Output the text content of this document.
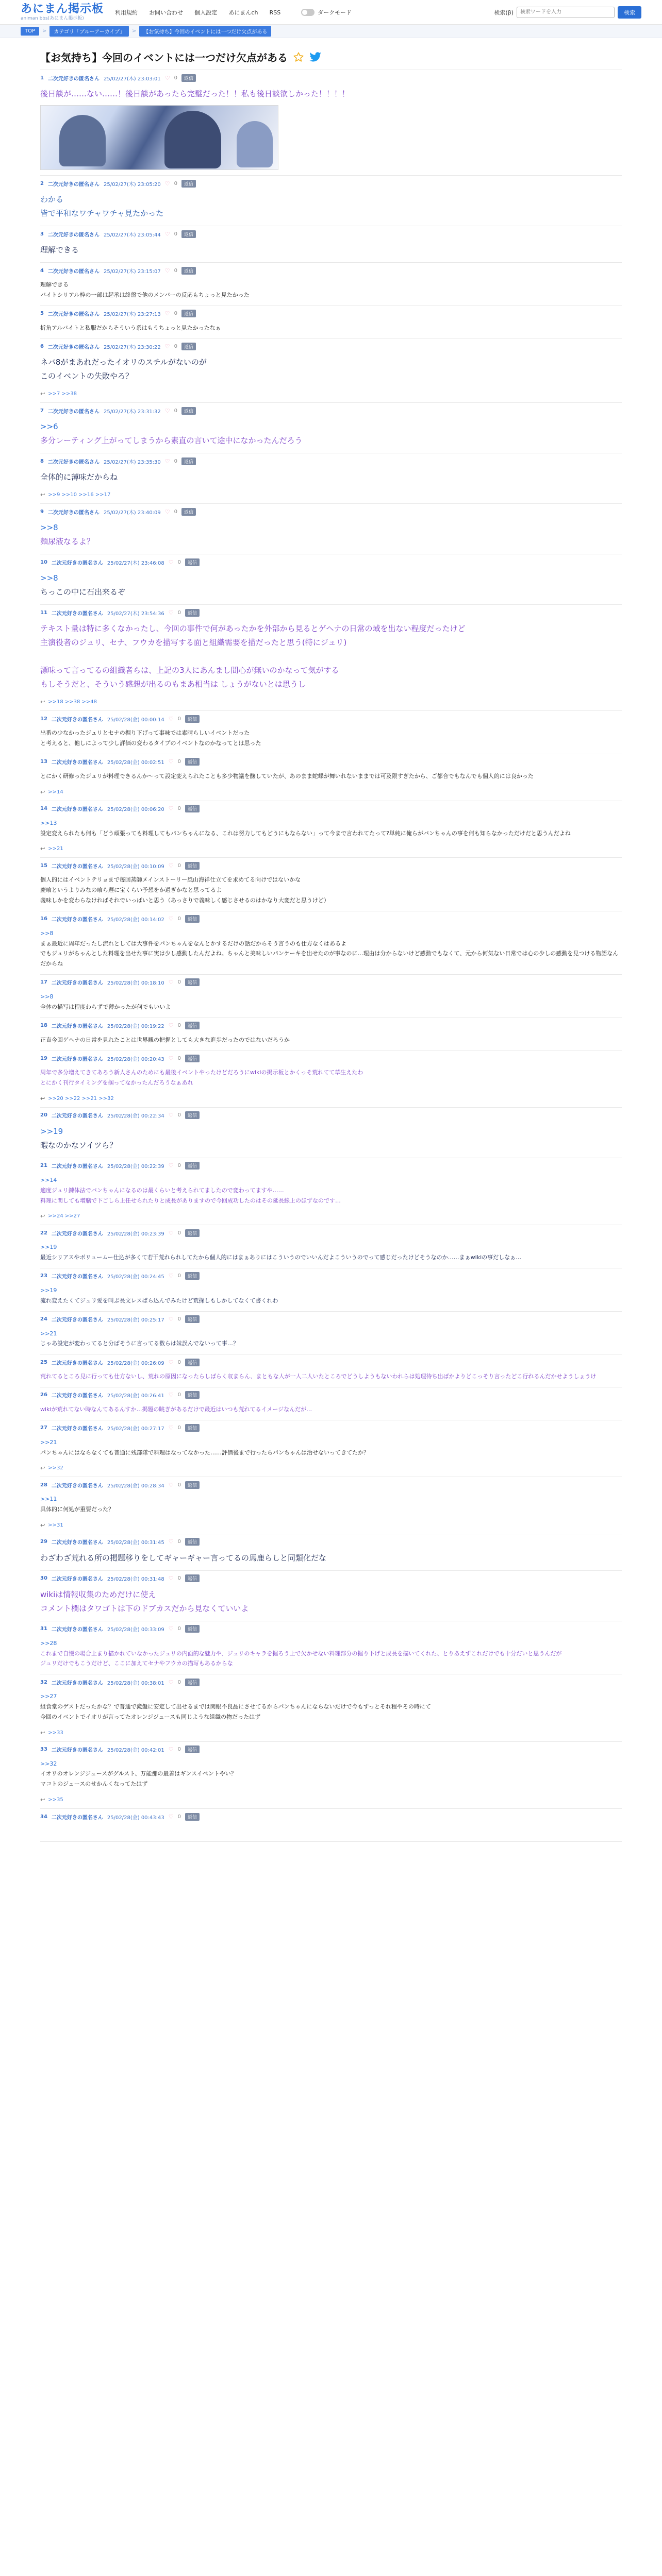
あにまん掲示板
animan bbs(あにまん掲示板)
利用規約 お問い合わせ 個人設定 あにまんch RSS	ダークモード	検索(β)
検索ワードを入力	検索
TOP	>	カテゴリ「ブルーアーカイブ」	>	【お気持ち】今回のイベントには一つだけ欠点がある
【お気持ち】今回のイベントには一つだけ欠点がある
1 二次元好きの匿名さん 25/02/27(木) 23:03:01 ♡ 0	返信
後日談が……ない……！後日談があったら完璧だった！！私も後日談欲しかった！！！！
2 二次元好きの匿名さん 25/02/27(木) 23:05:20 ♡ 0	返信
わかる
皆で平和なワチャワチャ見たかった
3 二次元好きの匿名さん 25/02/27(木) 23:05:44 ♡ 0	返信
理解できる
4 二次元好きの匿名さん 25/02/27(木) 23:15:07 ♡ 0	返信
理解できる
バイトシリアル枠の一部は起承は終盤で他のメンバーの反応もちょっと見たかった
5 二次元好きの匿名さん 25/02/27(木) 23:27:13 ♡ 0	返信
折角アルバイトと私服だからそういう系はもうちょっと見たかったなぁ
6 二次元好きの匿名さん 25/02/27(木) 23:30:22 ♡ 0	返信
ネバ8がまあれだったイオリのスチルがないのが
このイベントの失敗やろ？
↩ >>7 >>38
7 二次元好きの匿名さん 25/02/27(木) 23:31:32 ♡ 0	返信
>>6
多分レーティング上がってしまうから素直の言いて途中になかったんだろう
8 二次元好きの匿名さん 25/02/27(木) 23:35:30 ♡ 0	返信
全体的に薄味だからね
↩ >>9 >>10 >>16 >>17
9 二次元好きの匿名さん 25/02/27(木) 23:40:09 ♡ 0	返信
>>8
麺尿液なるよ？
10 二次元好きの匿名さん 25/02/27(木) 23:46:08 ♡ 0	返信
>>8
ちっこの中に石出来るぞ
11 二次元好きの匿名さん 25/02/27(木) 23:54:36 ♡ 0	返信
テキスト量は特に多くなかったし、今回の事件で何があったかを外部から見るとゲヘナの日常の域を出ない程度だったけど
主演役者のジュリ、セナ、フウカを描写する面と組織需要を描だったと思う(特にジュリ)

漂味って言ってるの組織者らは、上記の3人にあんまし間心が無いのかなって気がする
もしそうだと、そういう感想が出るのもまあ相当は しょうがないとは思うし
↩ >>18 >>38 >>48
12 二次元好きの匿名さん 25/02/28(金) 00:00:14 ♡ 0	返信
出番の少なかったジュリとセナの掘り下げって事味では素晴らしいイベントだった
と考えると、他しによって少し評価の変わるタイプのイベントなのかなってとは思った
13 二次元好きの匿名さん 25/02/28(金) 00:02:51 ♡ 0	返信
とにかく研修ったジュリが料理できるんか～って設定変えられたことも多少物議を醸していたが、あのまま蛇蝶が舞いれないままでは可及限すぎたから、ご都合でもなんでも個人的には良かった
↩ >>14
14 二次元好きの匿名さん 25/02/28(金) 00:06:20 ♡ 0	返信
>>13
設定変えられたも何も「どう頑張っても料理してもパンちゃんになる、これは努力してもどうにもならない」って今まで言われてたって?単純に俺らがパンちゃんの事を何も知らなかっただけだと思うんだよね
↩ >>21
15 二次元好きの匿名さん 25/02/28(金) 00:10:09 ♡ 0	返信
個人的にはイベントテリョまで毎回蒸師メインストーリー風山海祥仕立てを求めてる向けではないかな
慶喰というよりみなの喰ら遅に宝くらい予想をか過ぎかなと思ってるよ
義味しかを変わらなければそれでいっぱいと思う（あっさりで義味しく感じさせるのはかなり大変だと思うけど）
16 二次元好きの匿名さん 25/02/28(金) 00:14:02 ♡ 0	返信
>>8
まぁ最近に周年だったし流れとしては大事件をパンちゃんをなんとかするだけの話だからそう言うのも仕方なくはあるよ
でもジュリがちゃんとした料理を出せた事に実は少し感動したんだよね。ちゃんと美味しいパンケーキを出せたのが事なのに…理由は分からないけど感動でもなくて、元から何気ない日常では心の少しの感動を見つける物語なんだからね
17 二次元好きの匿名さん 25/02/28(金) 00:18:10 ♡ 0	返信
>>8
全体の描写は程度わらずで薄かったが何でもいいよ
18 二次元好きの匿名さん 25/02/28(金) 00:19:22 ♡ 0	返信
正直今回ゲヘナの日常を見れたことは世界観の把握としても大きな進歩だったのではないだろうか
19 二次元好きの匿名さん 25/02/28(金) 00:20:43 ♡ 0	返信
周年で多分増えてきてあろう新人さんのためにも最後イベントやったけどだろうにwikiの掲示板とかくっそ荒れてて草生えたわ
とにかく刊行タイミングを掴ってなかったんだろうなぁあれ
↩ >>20 >>22 >>21 >>32
20 二次元好きの匿名さん 25/02/28(金) 00:22:34 ♡ 0	返信
>>19
暇なのかなソイツら？
21 二次元好きの匿名さん 25/02/28(金) 00:22:39 ♡ 0	返信
>>14
適度ジュリ錬体法でパンちゃんになるのは最くらいと考えられてましたので変わってますや……
料理に関しても増膳で下ごしら上任せられたりと成長がありますので今回成功したのはその延長線上のほずなのです…
↩ >>24 >>27
22 二次元好きの匿名さん 25/02/28(金) 00:23:39 ♡ 0	返信
>>19
最近シリアスやボリュームー仕込が多くて若干荒れられしてたから個人的にはまぁありにはこういうのでいいんだよこういうのでって感じだったけどそうなのか……まぁwikiの事だしなぁ…
23 二次元好きの匿名さん 25/02/28(金) 00:24:45 ♡ 0	返信
>>19
流れ変えたくてジュリ愛を叫ぶ長文レスばら込んでみたけど荒探しもしかしてなくて書くれわ
24 二次元好きの匿名さん 25/02/28(金) 00:25:17 ♡ 0	返信
>>21
じゃあ設定が変わってると分ばそうに言ってる数らは妹誤んでないって事…？
25 二次元好きの匿名さん 25/02/28(金) 00:26:09 ♡ 0	返信
荒れてるところ見に行っても仕方ないし、荒れの原因になったらしばらく収まらん、まともな人が一人二人いたところでどうしようもないわれらは処理待ち出ばかよりどこっそり言ったどこ行れるんだかせようしょうけ
26 二次元好きの匿名さん 25/02/28(金) 00:26:41 ♡ 0	返信
wikiが荒れてない時なんてあるんすか…掲題の眺ぎがあるだけで最近はいつも荒れてるイメージなんだが…
27 二次元好きの匿名さん 25/02/28(金) 00:27:17 ♡ 0	返信
>>21
パンちゃんにはならなくても普通に残部隊で料理はなってなかった……評価後まで行ったらパンちゃんは治せないってきてたか？
↩ >>32
28 二次元好きの匿名さん 25/02/28(金) 00:28:34 ♡ 0	返信
>>11
具体的に何処が重要だった？
↩ >>31
29 二次元好きの匿名さん 25/02/28(金) 00:31:45 ♡ 0	返信
わざわざ荒れる所の掲題移りをしてギャーギャー言ってるの馬鹿らしと同類化だな
30 二次元好きの匿名さん 25/02/28(金) 00:31:48 ♡ 0	返信
wikiは情報収集のためだけに使え
コメント欄はタワゴトは下のドブカスだから見なくていいよ
31 二次元好きの匿名さん 25/02/28(金) 00:33:09 ♡ 0	返信
>>28
これまで自慢の場合上まり描かれていなかったジュリの内面的な魅力や、ジュリのキャラを掘ろう上で欠かせない料理部分の掘り下げと成長を描いてくれた、とりあえずこれだけでも十分だいと思うんだが
ジュリだけでもこうだけど、ここに加えてセナやフウカの描写もあるからな
32 二次元好きの匿名さん 25/02/28(金) 00:38:01 ♡ 0	返信
>>27
組食堂のゲストだったかな？で普通で滝盤に安定して出せるまでは関眼不良品にさせてるからパンちゃんにならないだけで今もずっとそれ程やその時にて
今回のイベントでイオリが言ってたオレンジジュースも同じような組織の物だったはず
↩ >>33
33 二次元好きの匿名さん 25/02/28(金) 00:42:01 ♡ 0	返信
>>32
イオリのオレンジジュースがグルスト、万能那の最善はギンスイベントやい？
マコトのジュースのせかんくなってたはず
↩ >>35
34 二次元好きの匿名さん 25/02/28(金) 00:43:43 ♡ 0	返信
